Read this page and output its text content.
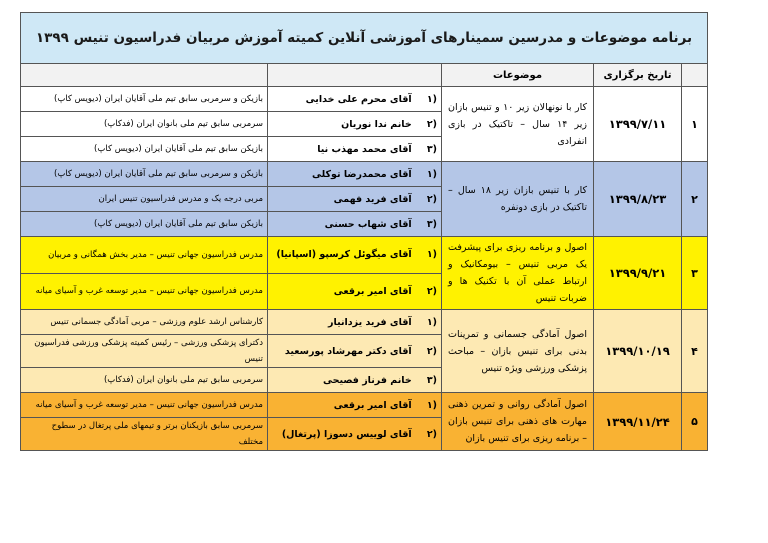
برنامه موضوعات و مدرسین سمینارهای آموزشی آنلاین کمیته آموزش مربیان فدراسیون تنیس ۱۳۹۹				
	تاریخ برگزاری	موضوعات		
۱	۱۳۹۹/۷/۱۱	کار با نونهالان زیر ۱۰ و تنیس بازان زیر ۱۴ سال – تاکتیک در بازی انفرادی	(۱ آقای محرم علی خدایی	بازیکن و سرمربی سابق تیم ملی آقایان ایران (دیویس کاپ)
			(۲ خانم ندا نوریان	سرمربی سابق تیم ملی بانوان ایران (فدکاپ)
			(۳ آقای محمد مهذب نیا	بازیکن سابق تیم ملی آقایان ایران (دیویس کاپ)
۲	۱۳۹۹/۸/۲۳	کار با تنیس بازان زیر ۱۸ سال – تاکتیک در بازی دونفره	(۱ آقای محمدرضا توکلی	بازیکن و سرمربی سابق تیم ملی آقایان ایران (دیویس کاپ)
			(۲ آقای فرید فهمی	مربی درجه یک و مدرس فدراسیون تنیس ایران
			(۳ آقای شهاب حسنی	بازیکن سابق تیم ملی آقایان ایران (دیویس کاپ)
۳	۱۳۹۹/۹/۲۱	اصول و برنامه ریزی برای پیشرفت یک مربی تنیس – بیومکانیک و ارتباط عملی آن با تکنیک ها و ضربات تنیس	(۱ آقای میگوئل کرسپو (اسپانیا)	مدرس فدراسیون جهانی تنیس – مدیر بخش همگانی و مربیان
			(۲ آقای امیر برقعی	مدرس فدراسیون جهانی تنیس – مدیر توسعه غرب و آسیای میانه
۴	۱۳۹۹/۱۰/۱۹	اصول آمادگی جسمانی و تمرینات بدنی برای تنیس بازان – مباحث پزشکی ورزشی ویژه تنیس	(۱ آقای فرید یزدانیار	کارشناس ارشد علوم ورزشی – مربی آمادگی جسمانی تنیس
			(۲ آقای دکتر مهرشاد پورسعید	دکترای پزشکی ورزشی – رئیس کمیته پزشکی ورزشی فدراسیون تنیس
			(۳ خانم فرناز فصیحی	سرمربی سابق تیم ملی بانوان ایران (فدکاپ)
۵	۱۳۹۹/۱۱/۲۴	اصول آمادگی روانی و تمرین ذهنی مهارت های ذهنی برای تنیس بازان – برنامه ریزی برای تنیس بازان	(۱ آقای امیر برقعی	مدرس فدراسیون جهانی تنیس – مدیر توسعه غرب و آسیای میانه
			(۲ آقای لوییس دسوزا (پرتغال)	سرمربی سابق بازیکنان برتر و تیمهای ملی پرتغال در سطوح مختلف
